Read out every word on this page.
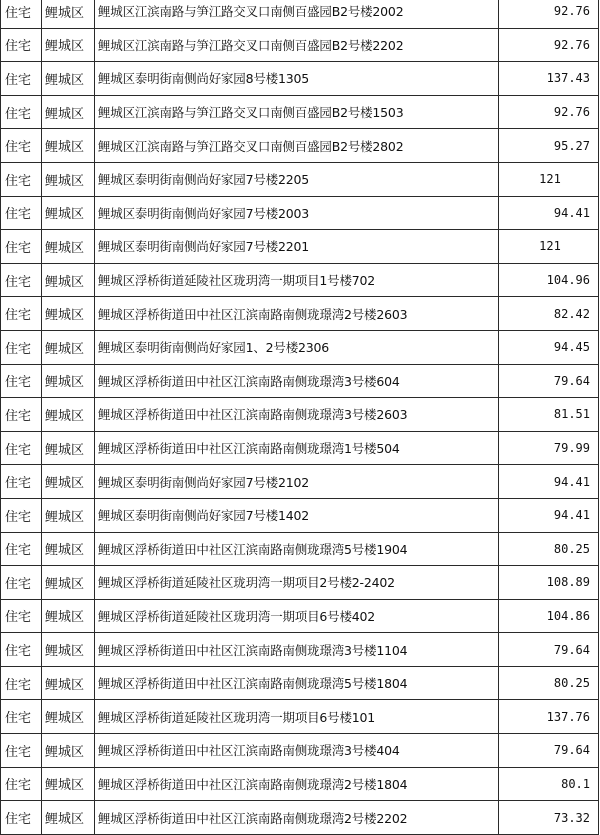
住宅	鲤城区	鲤城区江滨南路与笋江路交叉口南侧百盛园B2号楼2002	92.76
住宅	鲤城区	鲤城区江滨南路与笋江路交叉口南侧百盛园B2号楼2202	92.76
住宅	鲤城区	鲤城区泰明街南侧尚好家园8号楼1305	137.43
住宅	鲤城区	鲤城区江滨南路与笋江路交叉口南侧百盛园B2号楼1503	92.76
住宅	鲤城区	鲤城区江滨南路与笋江路交叉口南侧百盛园B2号楼2802	95.27
住宅	鲤城区	鲤城区泰明街南侧尚好家园7号楼2205	121
住宅	鲤城区	鲤城区泰明街南侧尚好家园7号楼2003	94.41
住宅	鲤城区	鲤城区泰明街南侧尚好家园7号楼2201	121
住宅	鲤城区	鲤城区浮桥街道延陵社区珑玥湾一期项目1号楼702	104.96
住宅	鲤城区	鲤城区浮桥街道田中社区江滨南路南侧珑璟湾2号楼2603	82.42
住宅	鲤城区	鲤城区泰明街南侧尚好家园1、2号楼2306	94.45
住宅	鲤城区	鲤城区浮桥街道田中社区江滨南路南侧珑璟湾3号楼604	79.64
住宅	鲤城区	鲤城区浮桥街道田中社区江滨南路南侧珑璟湾3号楼2603	81.51
住宅	鲤城区	鲤城区浮桥街道田中社区江滨南路南侧珑璟湾1号楼504	79.99
住宅	鲤城区	鲤城区泰明街南侧尚好家园7号楼2102	94.41
住宅	鲤城区	鲤城区泰明街南侧尚好家园7号楼1402	94.41
住宅	鲤城区	鲤城区浮桥街道田中社区江滨南路南侧珑璟湾5号楼1904	80.25
住宅	鲤城区	鲤城区浮桥街道延陵社区珑玥湾一期项目2号楼2-2402	108.89
住宅	鲤城区	鲤城区浮桥街道延陵社区珑玥湾一期项目6号楼402	104.86
住宅	鲤城区	鲤城区浮桥街道田中社区江滨南路南侧珑璟湾3号楼1104	79.64
住宅	鲤城区	鲤城区浮桥街道田中社区江滨南路南侧珑璟湾5号楼1804	80.25
住宅	鲤城区	鲤城区浮桥街道延陵社区珑玥湾一期项目6号楼101	137.76
住宅	鲤城区	鲤城区浮桥街道田中社区江滨南路南侧珑璟湾3号楼404	79.64
住宅	鲤城区	鲤城区浮桥街道田中社区江滨南路南侧珑璟湾2号楼1804	80.1
住宅	鲤城区	鲤城区浮桥街道田中社区江滨南路南侧珑璟湾2号楼2202	73.32
